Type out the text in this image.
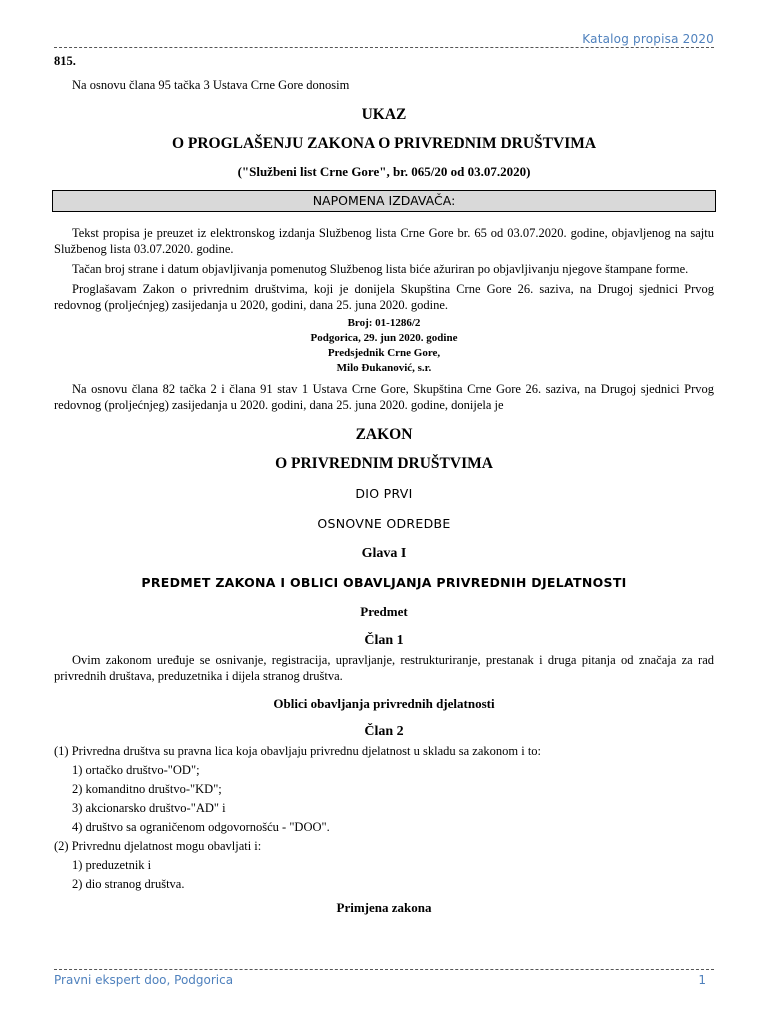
Katalog propisa 2020

815.

Na osnovu člana 95 tačka 3 Ustava Crne Gore donosim

UKAZ
O PROGLAŠENJU ZAKONA O PRIVREDNIM DRUŠTVIMA
("Službeni list Crne Gore", br. 065/20 od 03.07.2020)
NAPOMENA IZDAVAČA:

Tekst propisa je preuzet iz elektronskog izdanja Službenog lista Crne Gore br. 65 od 03.07.2020. godine, objavljenog na sajtu Službenog lista 03.07.2020. godine.

Tačan broj strane i datum objavljivanja pomenutog Službenog lista biće ažuriran po objavljivanju njegove štampane forme.

Proglašavam Zakon o privrednim društvima, koji je donijela Skupština Crne Gore 26. saziva, na Drugoj sjednici Prvog redovnog (proljećnjeg) zasijedanja u 2020, godini, dana 25. juna 2020. godine.

Broj: 01-1286/2
Podgorica, 29. jun 2020. godine
Predsjednik Crne Gore,
Milo Đukanović, s.r.

Na osnovu člana 82 tačka 2 i člana 91 stav 1 Ustava Crne Gore, Skupština Crne Gore 26. saziva, na Drugoj sjednici Prvog redovnog (proljećnjeg) zasijedanja u 2020. godini, dana 25. juna 2020. godine, donijela je

ZAKON
O PRIVREDNIM DRUŠTVIMA
DIO PRVI
OSNOVNE ODREDBE
Glava I
PREDMET ZAKONA I OBLICI OBAVLJANJA PRIVREDNIH DJELATNOSTI
Predmet
Član 1

Ovim zakonom uređuje se osnivanje, registracija, upravljanje, restrukturiranje, prestanak i druga pitanja od značaja za rad privrednih društava, preduzetnika i dijela stranog društva.

Oblici obavljanja privrednih djelatnosti
Član 2

(1) Privredna društva su pravna lica koja obavljaju privrednu djelatnost u skladu sa zakonom i to:

1) ortačko društvo-"OD";

2) komanditno društvo-"KD";

3) akcionarsko društvo-"AD" i

4) društvo sa ograničenom odgovornošću - "DOO".

(2) Privrednu djelatnost mogu obavljati i:

1) preduzetnik i

2) dio stranog društva.

Primjena zakona
Pravni ekspert doo, Podgorica	1
